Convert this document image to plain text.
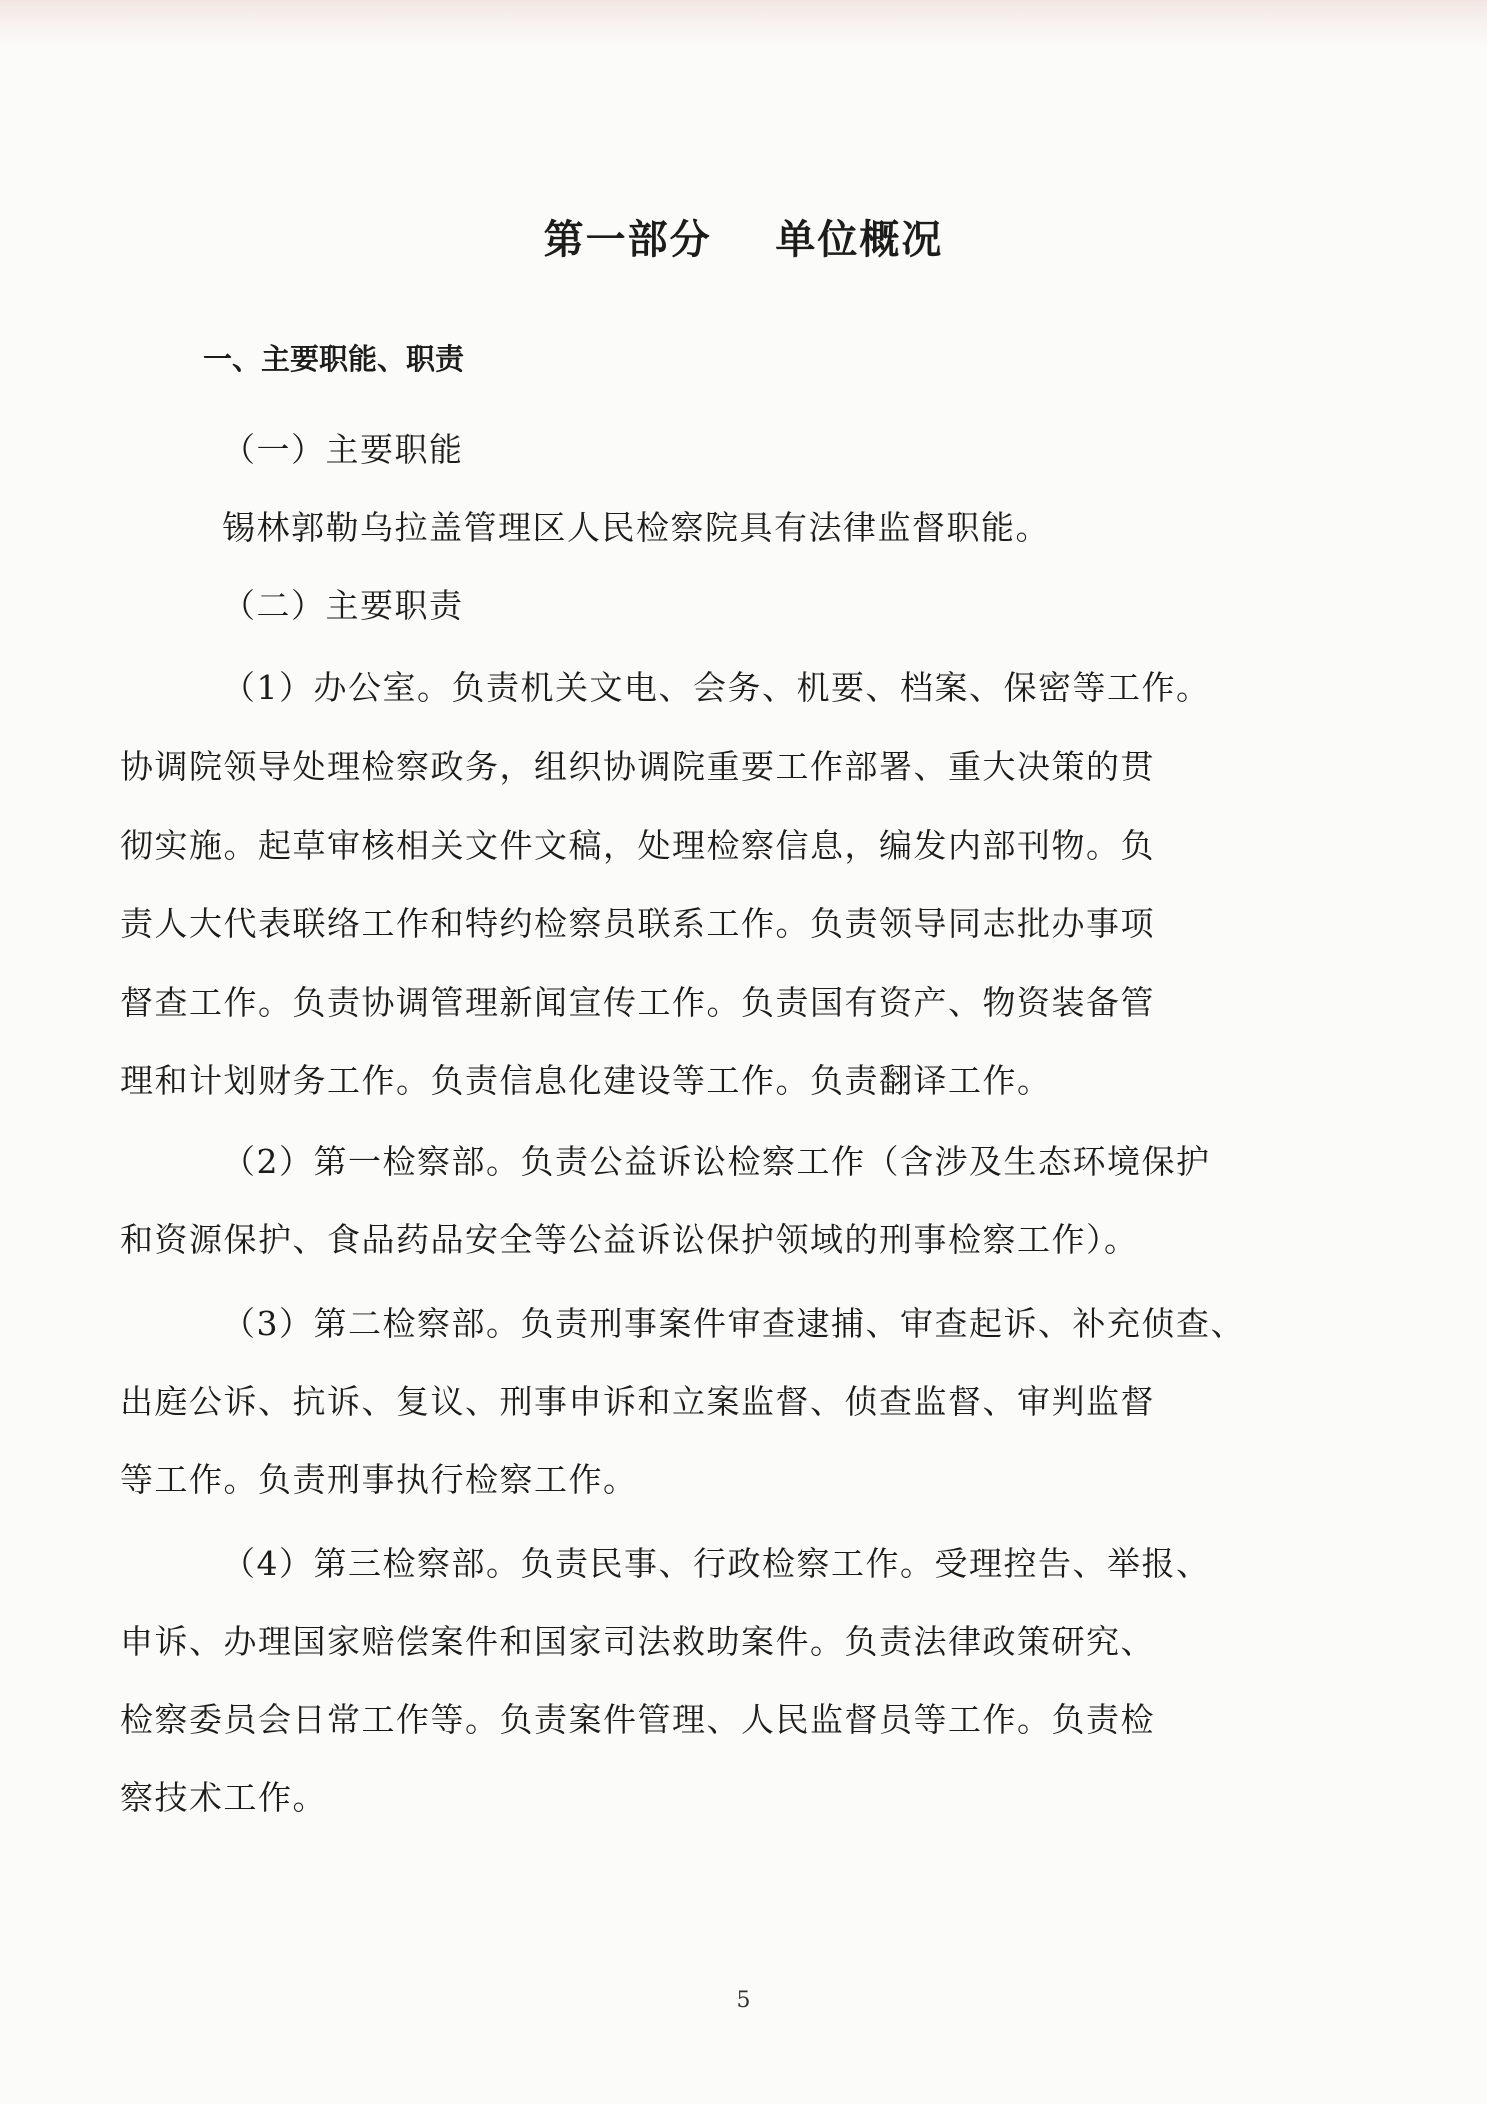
第一部分    单位概况
一、主要职能、职责

（一）主要职能

锡林郭勒乌拉盖管理区人民检察院具有法律监督职能。

（二）主要职责

（1）办公室。负责机关文电、会务、机要、档案、保密等工作。

协调院领导处理检察政务，组织协调院重要工作部署、重大决策的贯

彻实施。起草审核相关文件文稿，处理检察信息，编发内部刊物。负

责人大代表联络工作和特约检察员联系工作。负责领导同志批办事项

督查工作。负责协调管理新闻宣传工作。负责国有资产、物资装备管

理和计划财务工作。负责信息化建设等工作。负责翻译工作。

（2）第一检察部。负责公益诉讼检察工作（含涉及生态环境保护

和资源保护、食品药品安全等公益诉讼保护领域的刑事检察工作）。

（3）第二检察部。负责刑事案件审查逮捕、审查起诉、补充侦查、

出庭公诉、抗诉、复议、刑事申诉和立案监督、侦查监督、审判监督

等工作。负责刑事执行检察工作。

（4）第三检察部。负责民事、行政检察工作。受理控告、举报、

申诉、办理国家赔偿案件和国家司法救助案件。负责法律政策研究、

检察委员会日常工作等。负责案件管理、人民监督员等工作。负责检

察技术工作。

5
